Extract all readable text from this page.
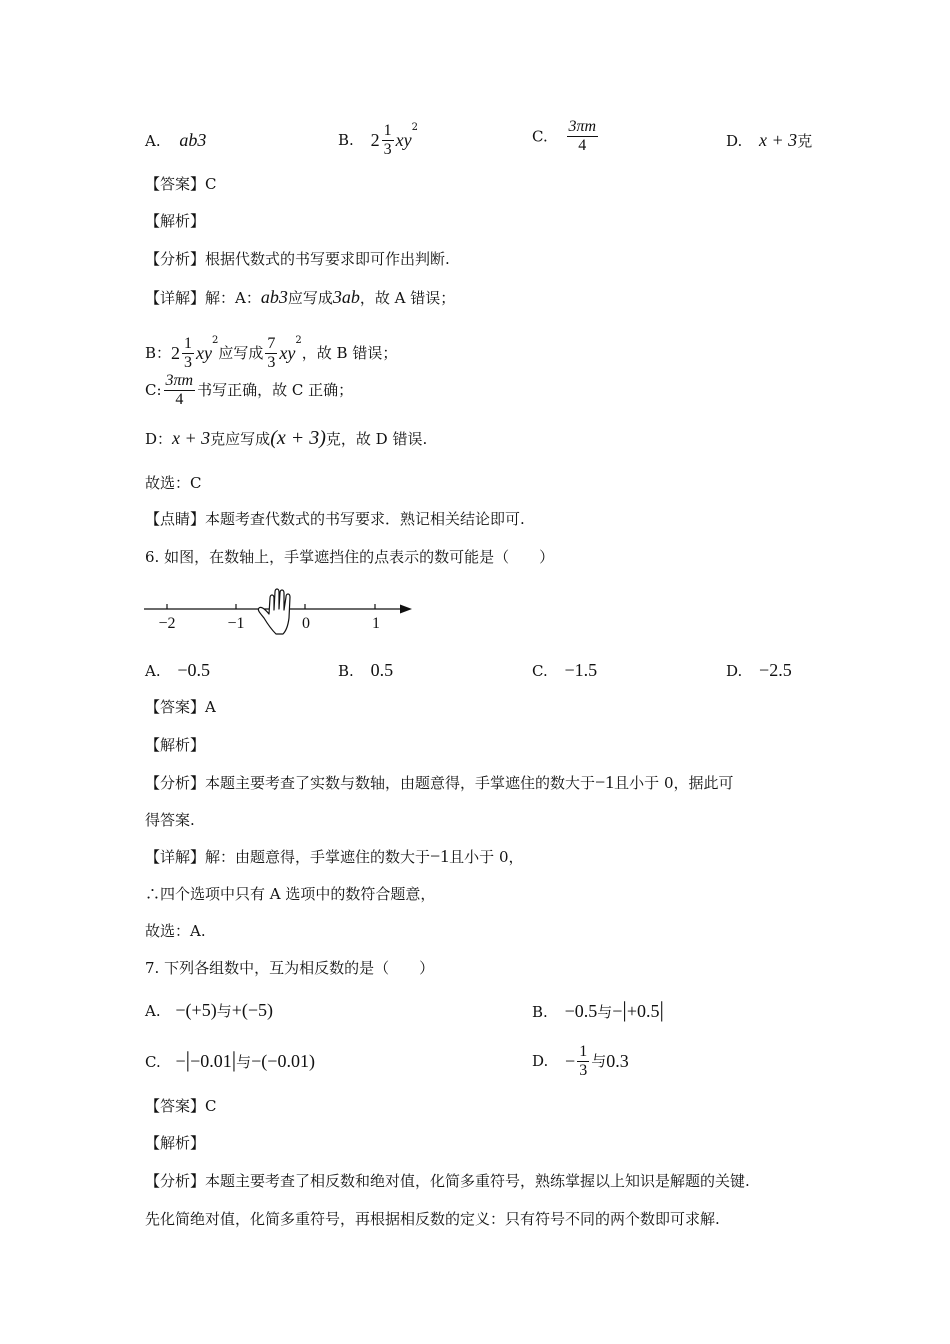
A. ab3	B. $2 \frac{1}{3} xy^2$	C. $\frac{3\pi m}{4}$	D. x + 3克
【答案】C
【解析】
【分析】根据代数式的书写要求即可作出判断.
【详解】解：A：ab3应写成3ab，故 A 错误；
B：$2 \frac{1}{3} xy^2$应写成 $\frac{7}{3} xy^2$，故 B 错误；
C: $\frac{3\pi m}{4}$ 书写正确，故 C 正确；
D：x + 3克应写成(x + 3)克，故 D 错误.
故选：C
【点睛】本题考查代数式的书写要求．熟记相关结论即可.
6. 如图，在数轴上，手掌遮挡住的点表示的数可能是（　　）
−2	−1	0	1
A. −0.5	B. 0.5	C. −1.5	D. −2.5
【答案】A
【解析】
【分析】本题主要考查了实数与数轴，由题意得，手掌遮住的数大于−1且小于 0，据此可
得答案.
【详解】解：由题意得，手掌遮住的数大于−1且小于 0，
∴四个选项中只有 A 选项中的数符合题意，
故选：A.
7. 下列各组数中，互为相反数的是（　　）
A. −(+5)与+(−5)	B. −0.5与−|+0.5|
C. −|−0.01|与−(−0.01)	D. − $\frac{1}{3}$ 与0.3
【答案】C
【解析】
【分析】本题主要考查了相反数和绝对值，化简多重符号，熟练掌握以上知识是解题的关键.
先化简绝对值，化简多重符号，再根据相反数的定义：只有符号不同的两个数即可求解.
